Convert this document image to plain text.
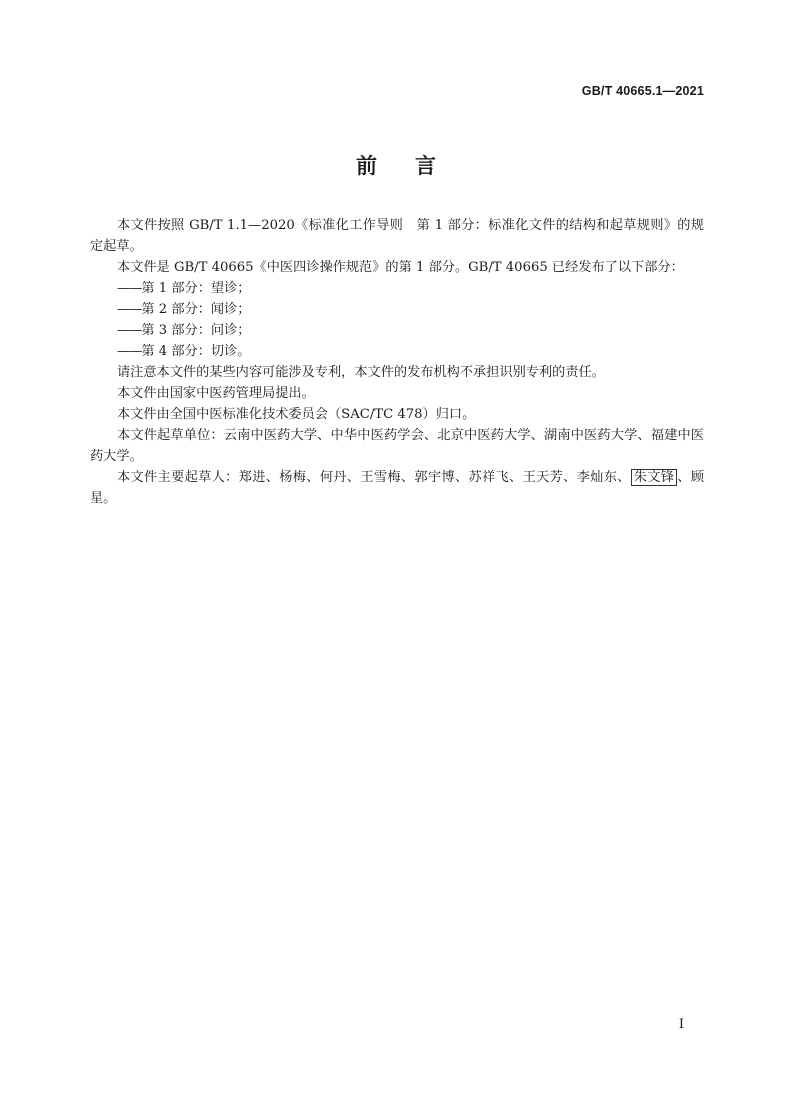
GB/T 40665.1—2021
前 言

本文件按照 GB/T 1.1—2020《标准化工作导则　第 1 部分：标准化文件的结构和起草规则》的规定起草。

本文件是 GB/T 40665《中医四诊操作规范》的第 1 部分。GB/T 40665 已经发布了以下部分：

——第 1 部分：望诊；

——第 2 部分：闻诊；

——第 3 部分：问诊；

——第 4 部分：切诊。

请注意本文件的某些内容可能涉及专利，本文件的发布机构不承担识别专利的责任。

本文件由国家中医药管理局提出。

本文件由全国中医标准化技术委员会（SAC/TC 478）归口。

本文件起草单位：云南中医药大学、中华中医药学会、北京中医药大学、湖南中医药大学、福建中医药大学。

本文件主要起草人：郑进、杨梅、何丹、王雪梅、郭宇博、苏祥飞、王天芳、李灿东、 朱文锋 、顾星。

I
